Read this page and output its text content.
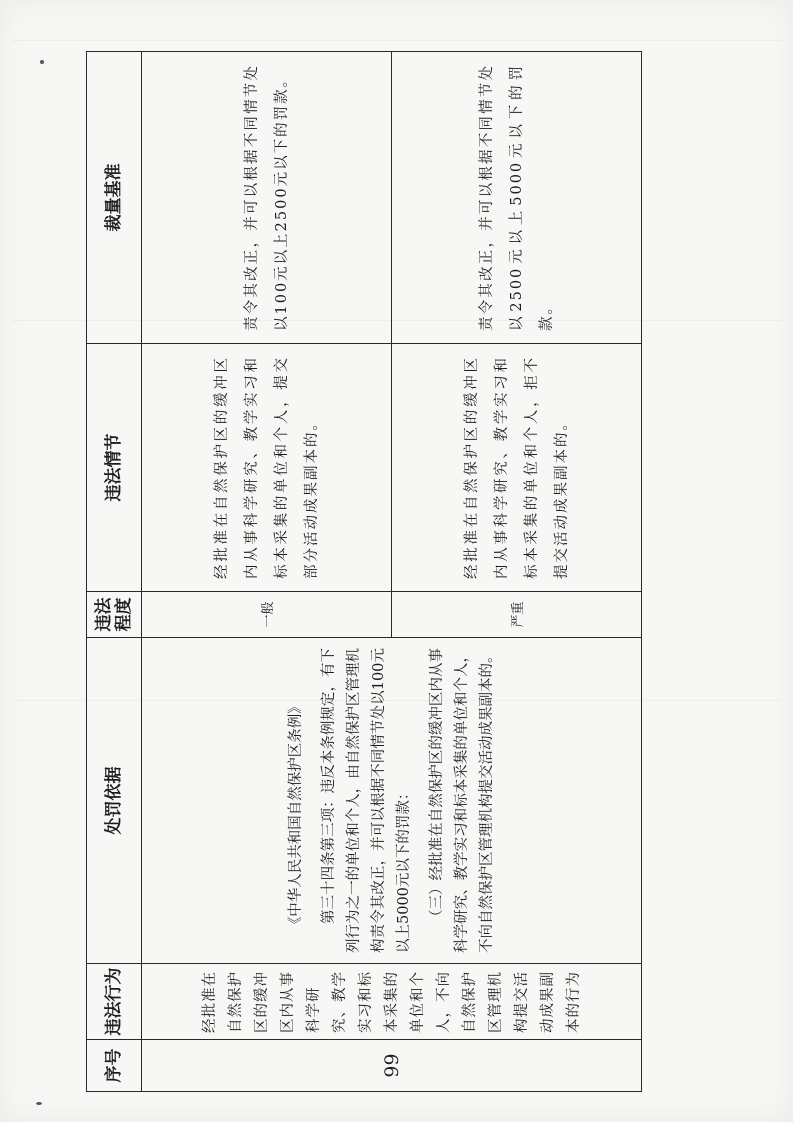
序号	违法行为	处罚依据	违法程度	违法情节	裁量基准
99	经批准在自然保护区的缓冲区内从事科学研究、教学实习和标本采集的单位和个人，不向自然保护区管理机构提交活动成果副本的行为	《中华人民共和国自然保护区条例》 第三十四条第三项：违反本条例规定，有下列行为之一的单位和个人，由自然保护区管理机构责令其改正，并可以根据不同情节处以100元以上5000元以下的罚款： （三）经批准在自然保护区的缓冲区内从事科学研究、教学实习和标本采集的单位和个人，不向自然保护区管理机构提交活动成果副本的。	一般	经批准在自然保护区的缓冲区内从事科学研究、教学实习和标本采集的单位和个人，提交部分活动成果副本的。	责令其改正，并可以根据不同情节处以100元以上2500元以下的罚款。
			严重	经批准在自然保护区的缓冲区内从事科学研究、教学实习和标本采集的单位和个人，拒不提交活动成果副本的。	责令其改正，并可以根据不同情节处以2500元以上5000元以下的罚款。
